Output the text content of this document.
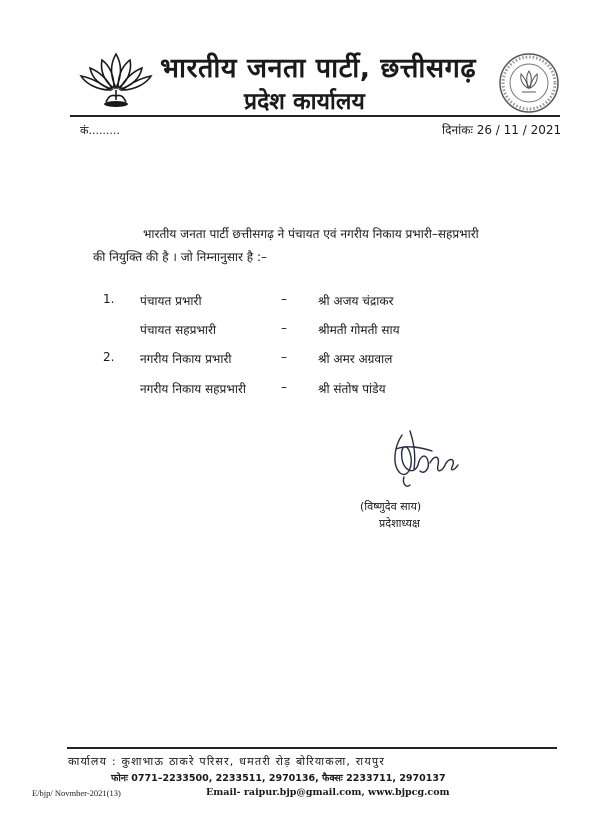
भारतीय जनता पार्टी, छत्तीसगढ़
प्रदेश कार्यालय
कं.........	दिनांकः 26 / 11 / 2021
भारतीय जनता पार्टी छत्तीसगढ़ ने पंचायत एवं नगरीय निकाय प्रभारी–सहप्रभारी
की नियुक्ति की है । जो निम्नानुसार है :–
1. पंचायत प्रभारी	–	श्री अजय चंद्राकर
पंचायत सहप्रभारी	–	श्रीमती गोमती साय
2. नगरीय निकाय प्रभारी	–	श्री अमर अग्रवाल
नगरीय निकाय सहप्रभारी	–	श्री संतोष पांडेय
(विष्णुदेव साय)
प्रदेशाध्यक्ष
कार्यालय : कुशाभाऊ ठाकरे परिसर, धमतरी रोड़ बोरियाकला, रायपुर
फोनः 0771–2233500, 2233511, 2970136, फैक्सः 2233711, 2970137
Email- raipur.bjp@gmail.com, www.bjpcg.com
E/bjp/ Novmber-2021(13)
